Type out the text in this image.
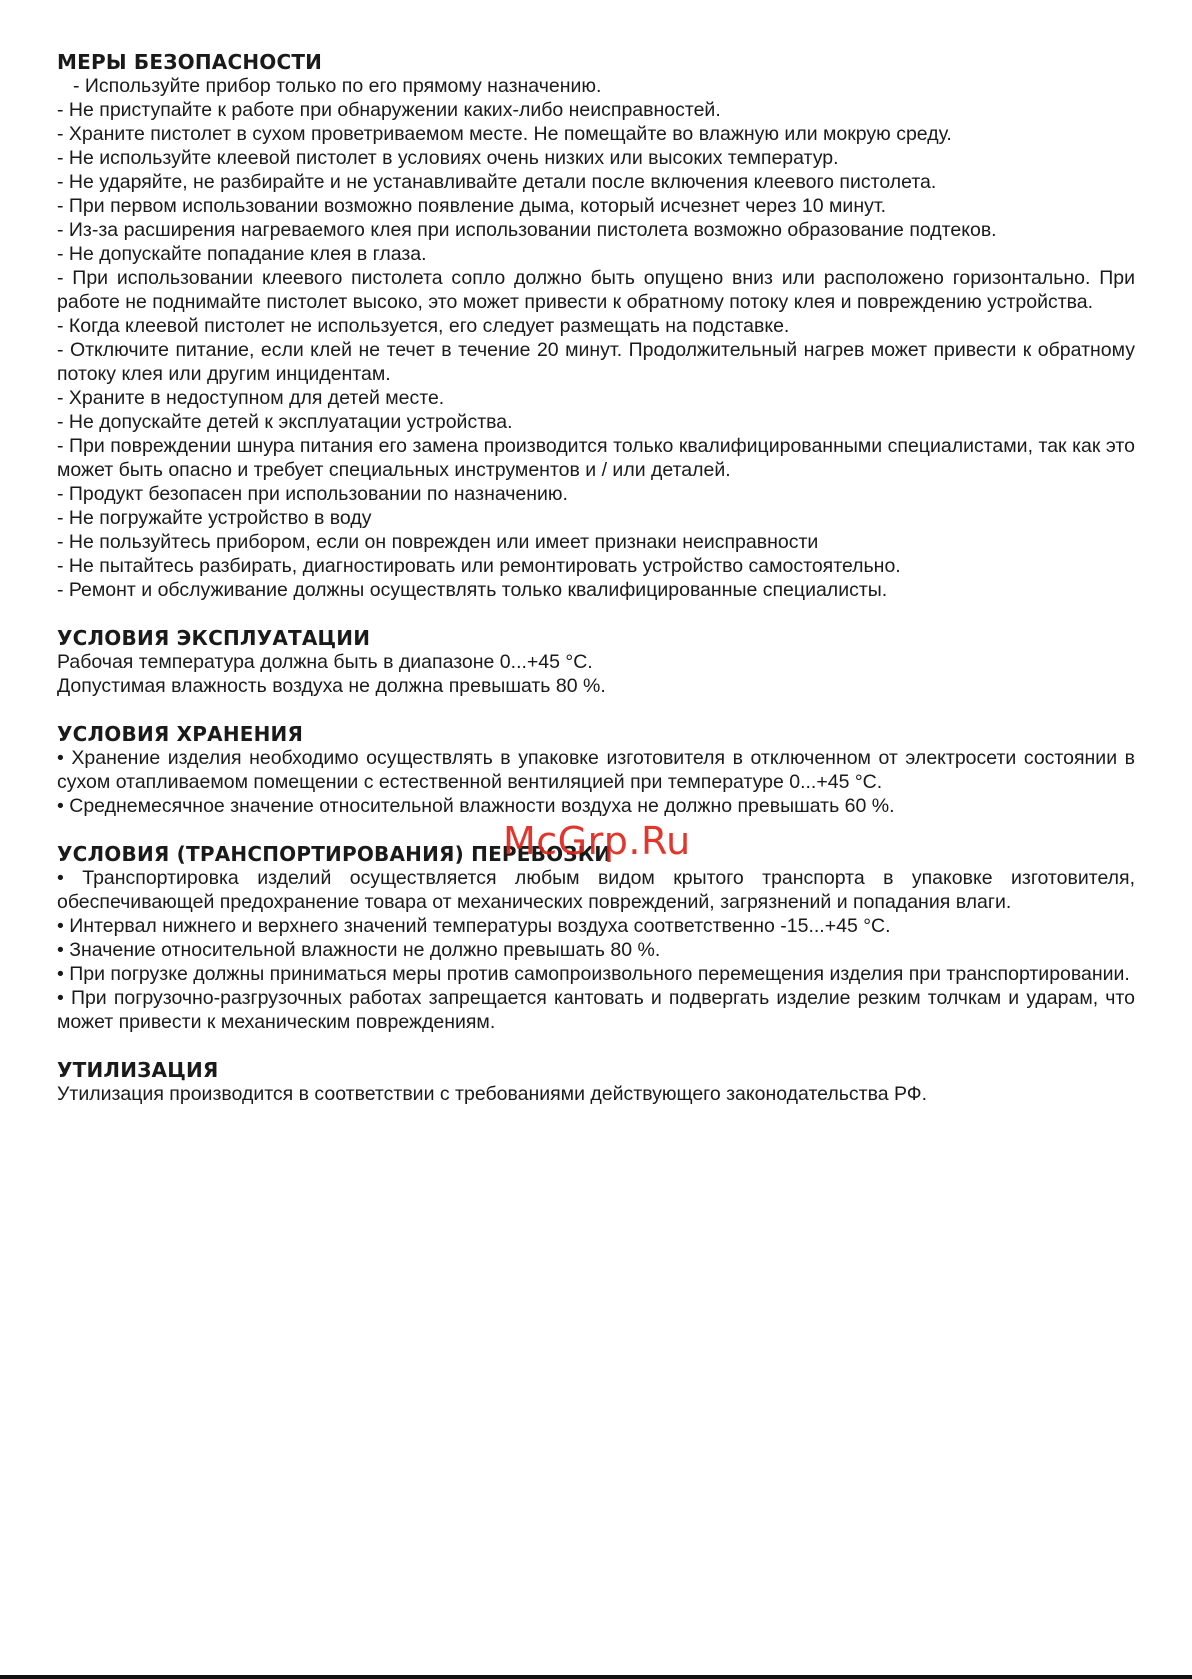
МЕРЫ БЕЗОПАСНОСТИ

- Используйте прибор только по его прямому назначению.

- Не приступайте к работе при обнаружении каких-либо неисправностей.

- Храните пистолет в сухом проветриваемом месте. Не помещайте во влажную или мокрую среду.

- Не используйте клеевой пистолет в условиях очень низких или высоких температур.

- Не ударяйте, не разбирайте и не устанавливайте детали после включения клеевого пистолета.

- При первом использовании возможно появление дыма, который исчезнет через 10 минут.

- Из-за расширения нагреваемого клея при использовании пистолета возможно образование подтеков.

- Не допускайте попадание клея в глаза.

- При использовании клеевого пистолета сопло должно быть опущено вниз или расположено горизонтально. При работе не поднимайте пистолет высоко, это может привести к обратному потоку клея и повреждению устройства.

- Когда клеевой пистолет не используется, его следует размещать на подставке.

- Отключите питание, если клей не течет в течение 20 минут. Продолжительный нагрев может привести к обратному потоку клея или другим инцидентам.

- Храните в недоступном для детей месте.

- Не допускайте детей к эксплуатации устройства.

- При повреждении шнура питания его замена производится только квалифицированными специалистами, так как это может быть опасно и требует специальных инструментов и / или деталей.

- Продукт безопасен при использовании по назначению.

- Не погружайте устройство в воду

- Не пользуйтесь прибором, если он поврежден или имеет признаки неисправности

- Не пытайтесь разбирать, диагностировать или ремонтировать устройство самостоятельно.

- Ремонт и обслуживание должны осуществлять только квалифицированные специалисты.

УСЛОВИЯ ЭКСПЛУАТАЦИИ

Рабочая температура должна быть в диапазоне 0...+45 °С.

Допустимая влажность воздуха не должна превышать 80 %.

УСЛОВИЯ ХРАНЕНИЯ

• Хранение изделия необходимо осуществлять в упаковке изготовителя в отключенном от электросети состоянии в сухом отапливаемом помещении с естественной вентиляцией при температуре 0...+45 °С.

• Среднемесячное значение относительной влажности воздуха не должно превышать 60 %.

УСЛОВИЯ (ТРАНСПОРТИРОВАНИЯ) ПЕРЕВОЗКИ

• Транспортировка изделий осуществляется любым видом крытого транспорта в упаковке изготовителя, обеспечивающей предохранение товара от механических повреждений, загрязнений и попадания влаги.

• Интервал нижнего и верхнего значений температуры воздуха соответственно -15...+45 °С.

• Значение относительной влажности не должно превышать 80 %.

• При погрузке должны приниматься меры против самопроизвольного перемещения изделия при транспортировании.

• При погрузочно-разгрузочных работах запрещается кантовать и подвергать изделие резким толчкам и ударам, что может привести к механическим повреждениям.

УТИЛИЗАЦИЯ

Утилизация производится в соответствии с требованиями действующего законодательства РФ.

McGrp.Ru
